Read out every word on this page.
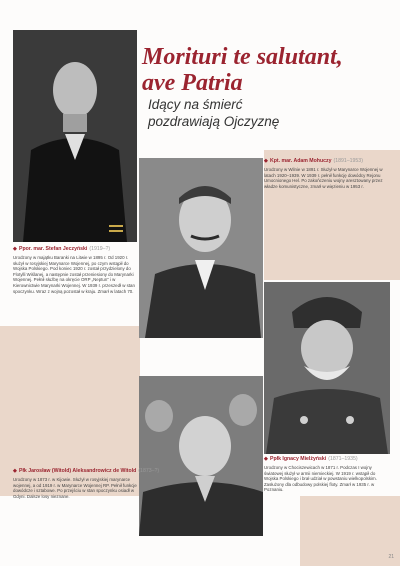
Morituri te salutant,
ave Patria

Idący na śmierć
pozdrawiają Ojczyznę

◆ Ppor. mar. Stefan Jeczyński (1919–?)

Urodzony w majątku Baranki na Litwie w 1895 r. Od 1920 r. służył w rosyjskiej Marynarce Wojennej, po czym wstąpił do Wojska Polskiego. Pod koniec 1920 r. został przydzielony do Flotylli Wiślanej, a następnie został przeniesiony do Marynarki Wojennej. Pełnił służbę na okręcie ORP „Neptun” i w Kierownictwie Marynarki Wojennej. W 1939 r. przeszedł w stan spoczynku. Wraz z wojną pozostał w kraju. Zmarł w latach 70.

◆ Kpt. mar. Adam Mohuczy (1891–1953)

Urodzony w Wilnie w 1891 r. Służył w Marynarce Wojennej w latach 1920–1939. W 1939 r. pełnił funkcję dowódcy Rejonu Umocnionego Hel. Po zakończeniu wojny aresztowany przez władze komunistyczne, zmarł w więzieniu w 1953 r.

◆ Ppłk Ignacy Mielżyński (1871–1935)

Urodzony w Chociszewicach w 1871 r. Podczas I wojny światowej służył w armii niemieckiej. W 1919 r. wstąpił do Wojska Polskiego i brał udział w powstaniu wielkopolskim. Zasłużony dla odbudowy polskiej floty. Zmarł w 1935 r. w Poznaniu.

◆ Płk Jarosław (Witold) Aleksandrowicz de Witold (1873–?)

Urodzony w 1873 r. w Kijowie. Służył w rosyjskiej marynarce wojennej, a od 1919 r. w Marynarce Wojennej RP. Pełnił funkcje dowódcze i sztabowe. Po przejściu w stan spoczynku osiadł w Gdyni. Dalsze losy nieznane.

21
